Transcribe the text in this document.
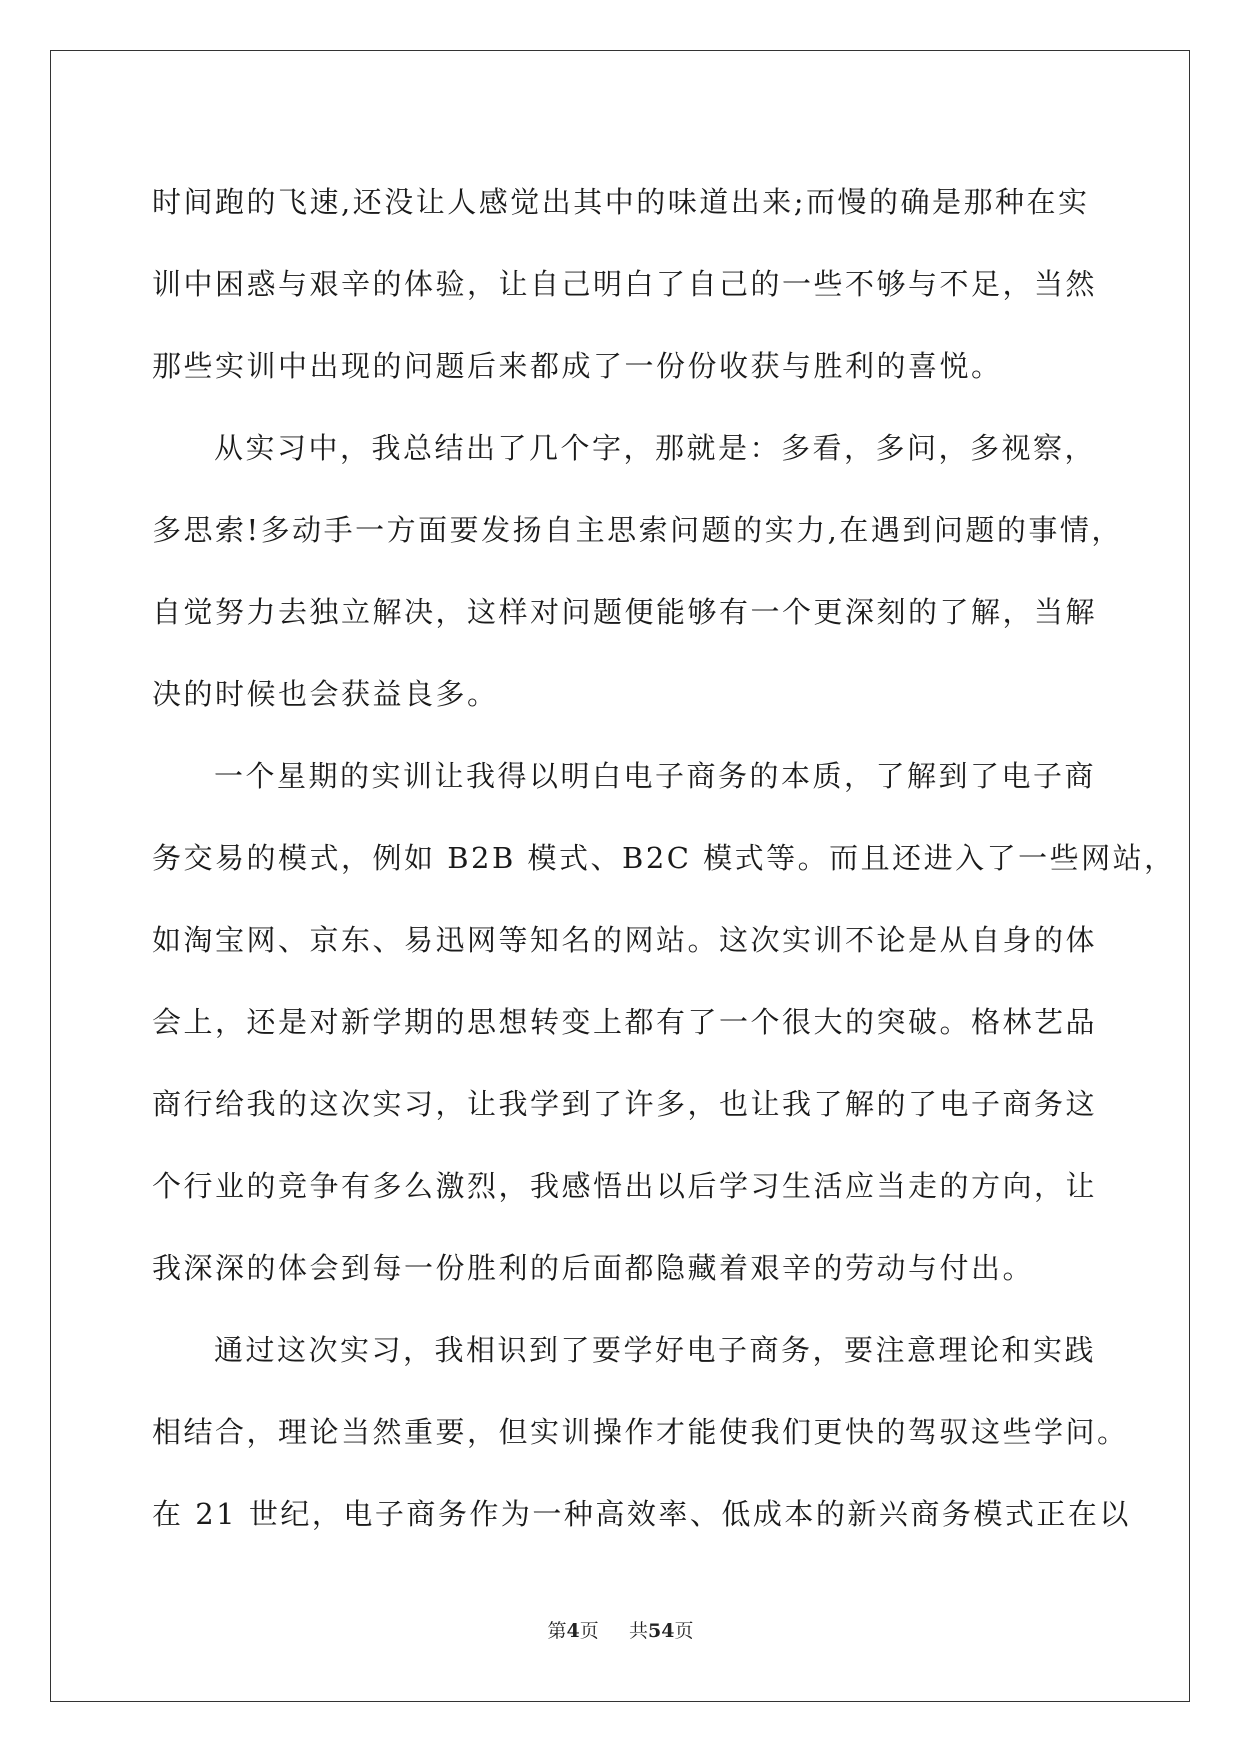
时间跑的飞速,还没让人感觉出其中的味道出来;而慢的确是那种在实
训中困惑与艰辛的体验，让自己明白了自己的一些不够与不足，当然
那些实训中出现的问题后来都成了一份份收获与胜利的喜悦。
从实习中，我总结出了几个字，那就是：多看，多问，多视察，
多思索!多动手一方面要发扬自主思索问题的实力,在遇到问题的事情，
自觉努力去独立解决，这样对问题便能够有一个更深刻的了解，当解
决的时候也会获益良多。
一个星期的实训让我得以明白电子商务的本质，了解到了电子商
务交易的模式，例如 B2B 模式、B2C 模式等。而且还进入了一些网站，
如淘宝网、京东、易迅网等知名的网站。这次实训不论是从自身的体
会上，还是对新学期的思想转变上都有了一个很大的突破。格林艺品
商行给我的这次实习，让我学到了许多，也让我了解的了电子商务这
个行业的竞争有多么激烈，我感悟出以后学习生活应当走的方向，让
我深深的体会到每一份胜利的后面都隐藏着艰辛的劳动与付出。
通过这次实习，我相识到了要学好电子商务，要注意理论和实践
相结合，理论当然重要，但实训操作才能使我们更快的驾驭这些学问。
在 21 世纪，电子商务作为一种高效率、低成本的新兴商务模式正在以
第4页 共54页
